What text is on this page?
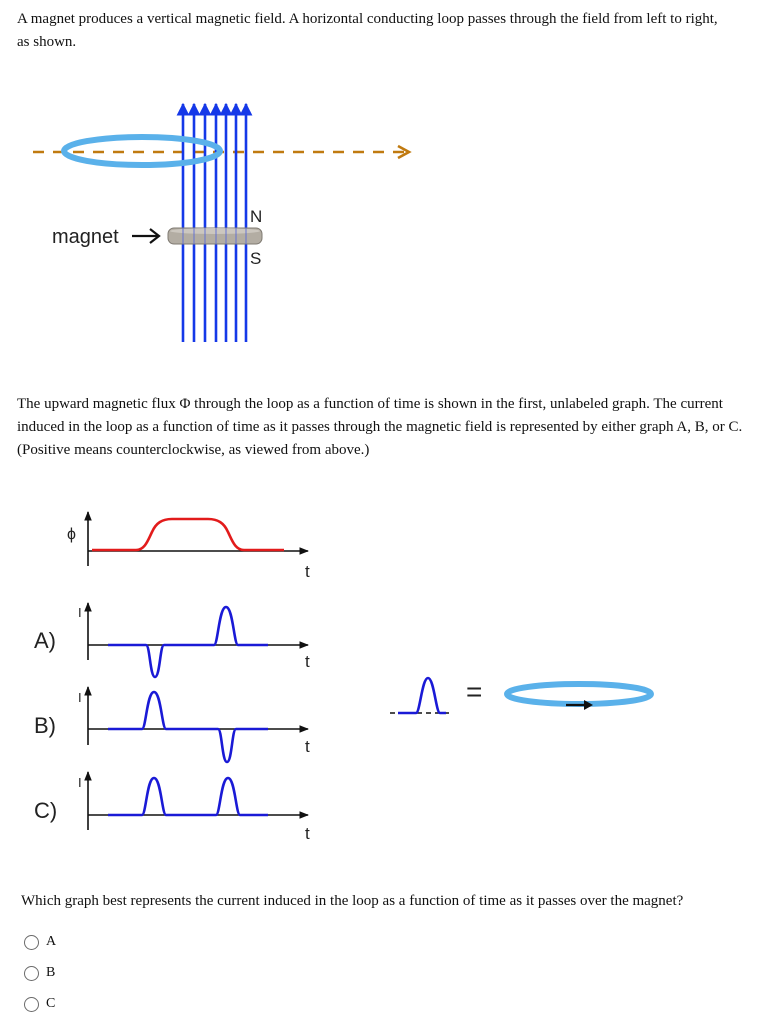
A magnet produces a vertical magnetic field. A horizontal conducting loop passes through the field from left to right,
as shown.

magnet
N
S

The upward magnetic flux Φ through the loop as a function of time is shown in the first, unlabeled graph. The current
induced in the loop as a function of time as it passes through the magnetic field is represented by either graph A, B, or C.
(Positive means counterclockwise, as viewed from above.)

ϕ
t
A)
I
t
B)
I
t
C)
I
t
=

Which graph best represents the current induced in the loop as a function of time as it passes over the magnet?

A
B
C
